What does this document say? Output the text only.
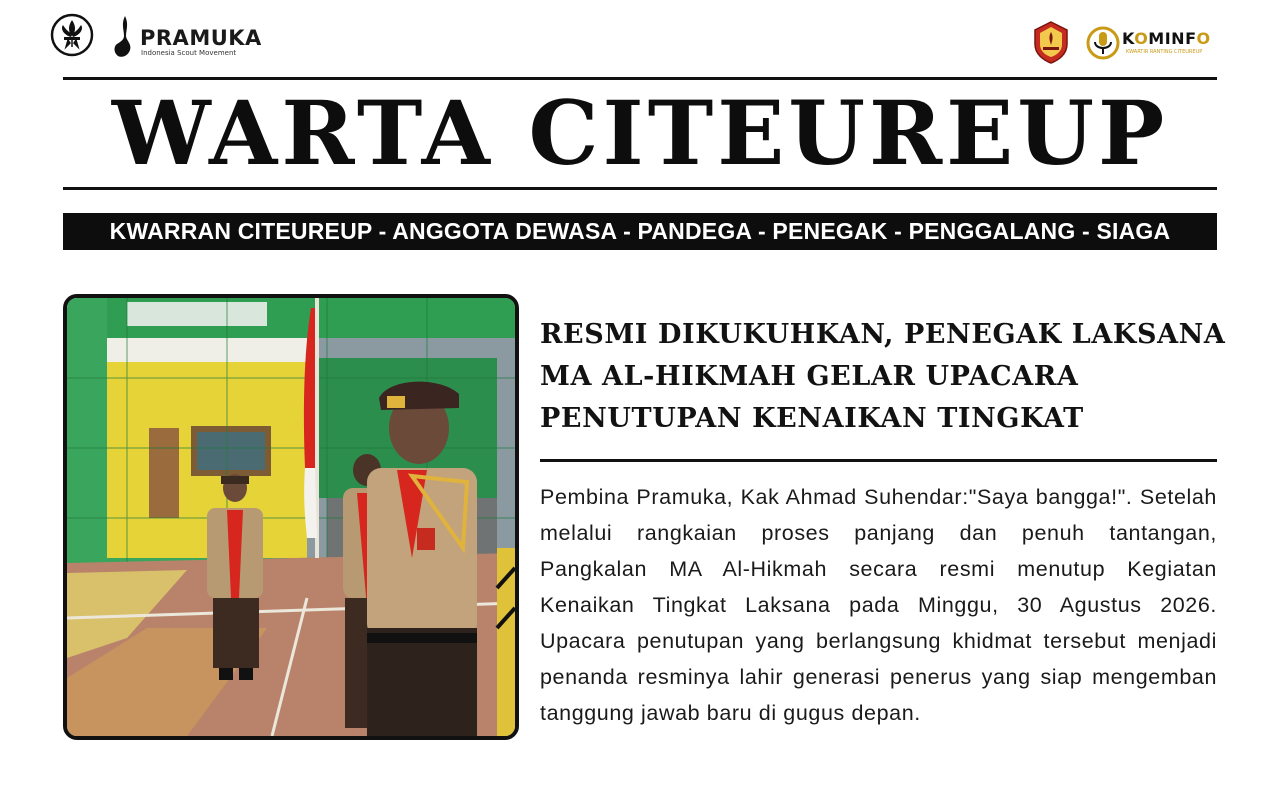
PRAMUKA
Indonesia Scout Movement
KOMINFO
KWARTIR RANTING CITEUREUP
WARTA CITEUREUP
KWARRAN CITEUREUP - ANGGOTA DEWASA - PANDEGA - PENEGAK - PENGGALANG - SIAGA
RESMI DIKUKUHKAN, PENEGAK LAKSANA
MA AL-HIKMAH GELAR UPACARA
PENUTUPAN KENAIKAN TINGKAT
Pembina Pramuka, Kak Ahmad Suhendar:"Saya bangga!". Setelah melalui rangkaian proses panjang dan penuh tantangan, Pangkalan MA Al-Hikmah secara resmi menutup Kegiatan Kenaikan Tingkat Laksana pada Minggu, 30 Agustus 2026. Upacara penutupan yang berlangsung khidmat tersebut menjadi penanda resminya lahir generasi penerus yang siap mengemban tanggung jawab baru di gugus depan.
